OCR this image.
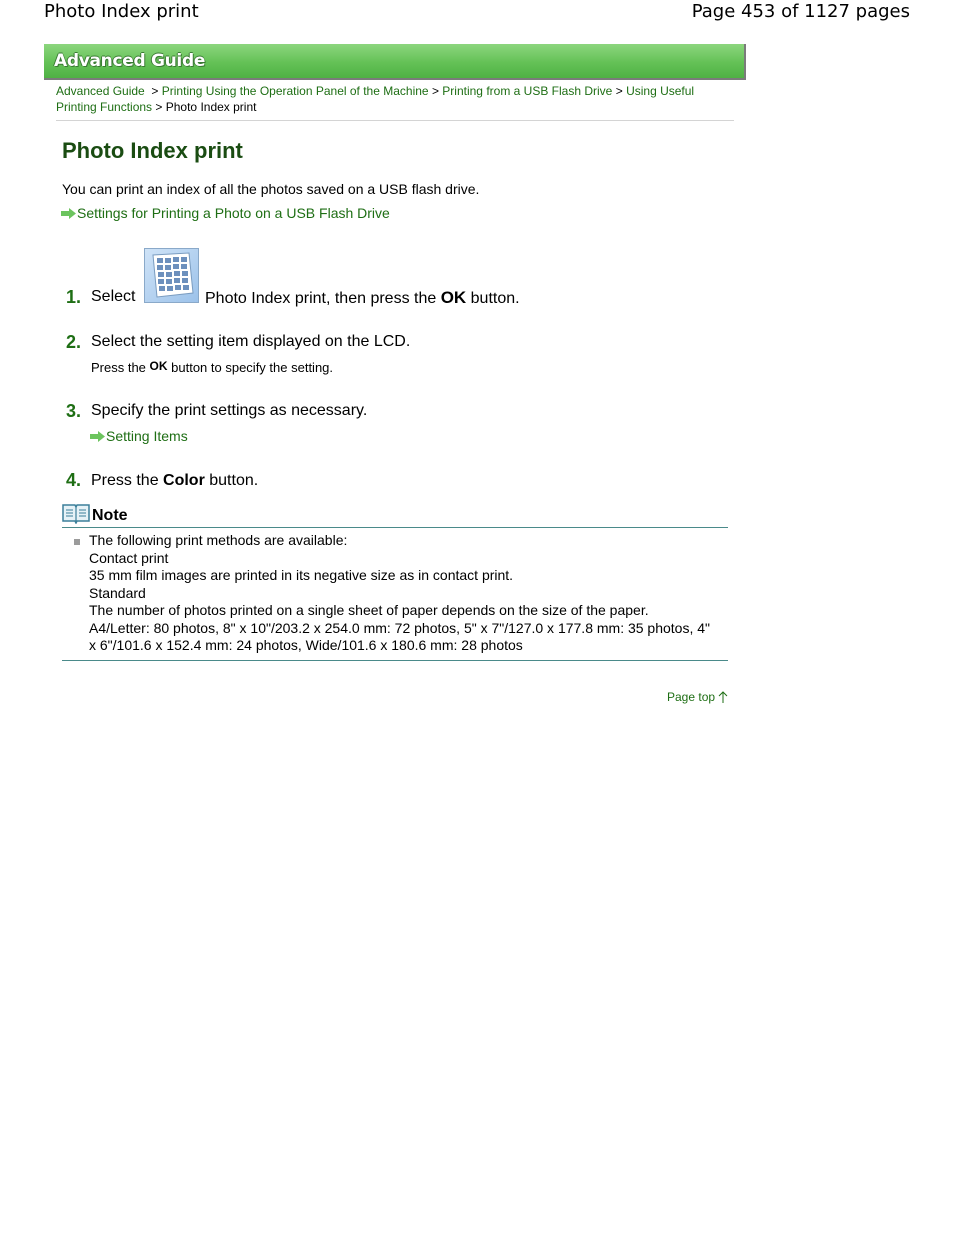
Photo Index print	Page 453 of 1127 pages
Advanced Guide
Advanced Guide  > Printing Using the Operation Panel of the Machine > Printing from a USB Flash Drive > Using Useful
Printing Functions > Photo Index print
Photo Index print
You can print an index of all the photos saved on a USB flash drive.
Settings for Printing a Photo on a USB Flash Drive
1. Select	Photo Index print, then press the OK button.
2. Select the setting item displayed on the LCD.
Press the OK button to specify the setting.
3. Specify the print settings as necessary.
Setting Items
4. Press the Color button.
Note
The following print methods are available:
Contact print
35 mm film images are printed in its negative size as in contact print.
Standard
The number of photos printed on a single sheet of paper depends on the size of the paper.
A4/Letter: 80 photos, 8" x 10"/203.2 x 254.0 mm: 72 photos, 5" x 7"/127.0 x 177.8 mm: 35 photos, 4"
x 6"/101.6 x 152.4 mm: 24 photos, Wide/101.6 x 180.6 mm: 28 photos
Page top
